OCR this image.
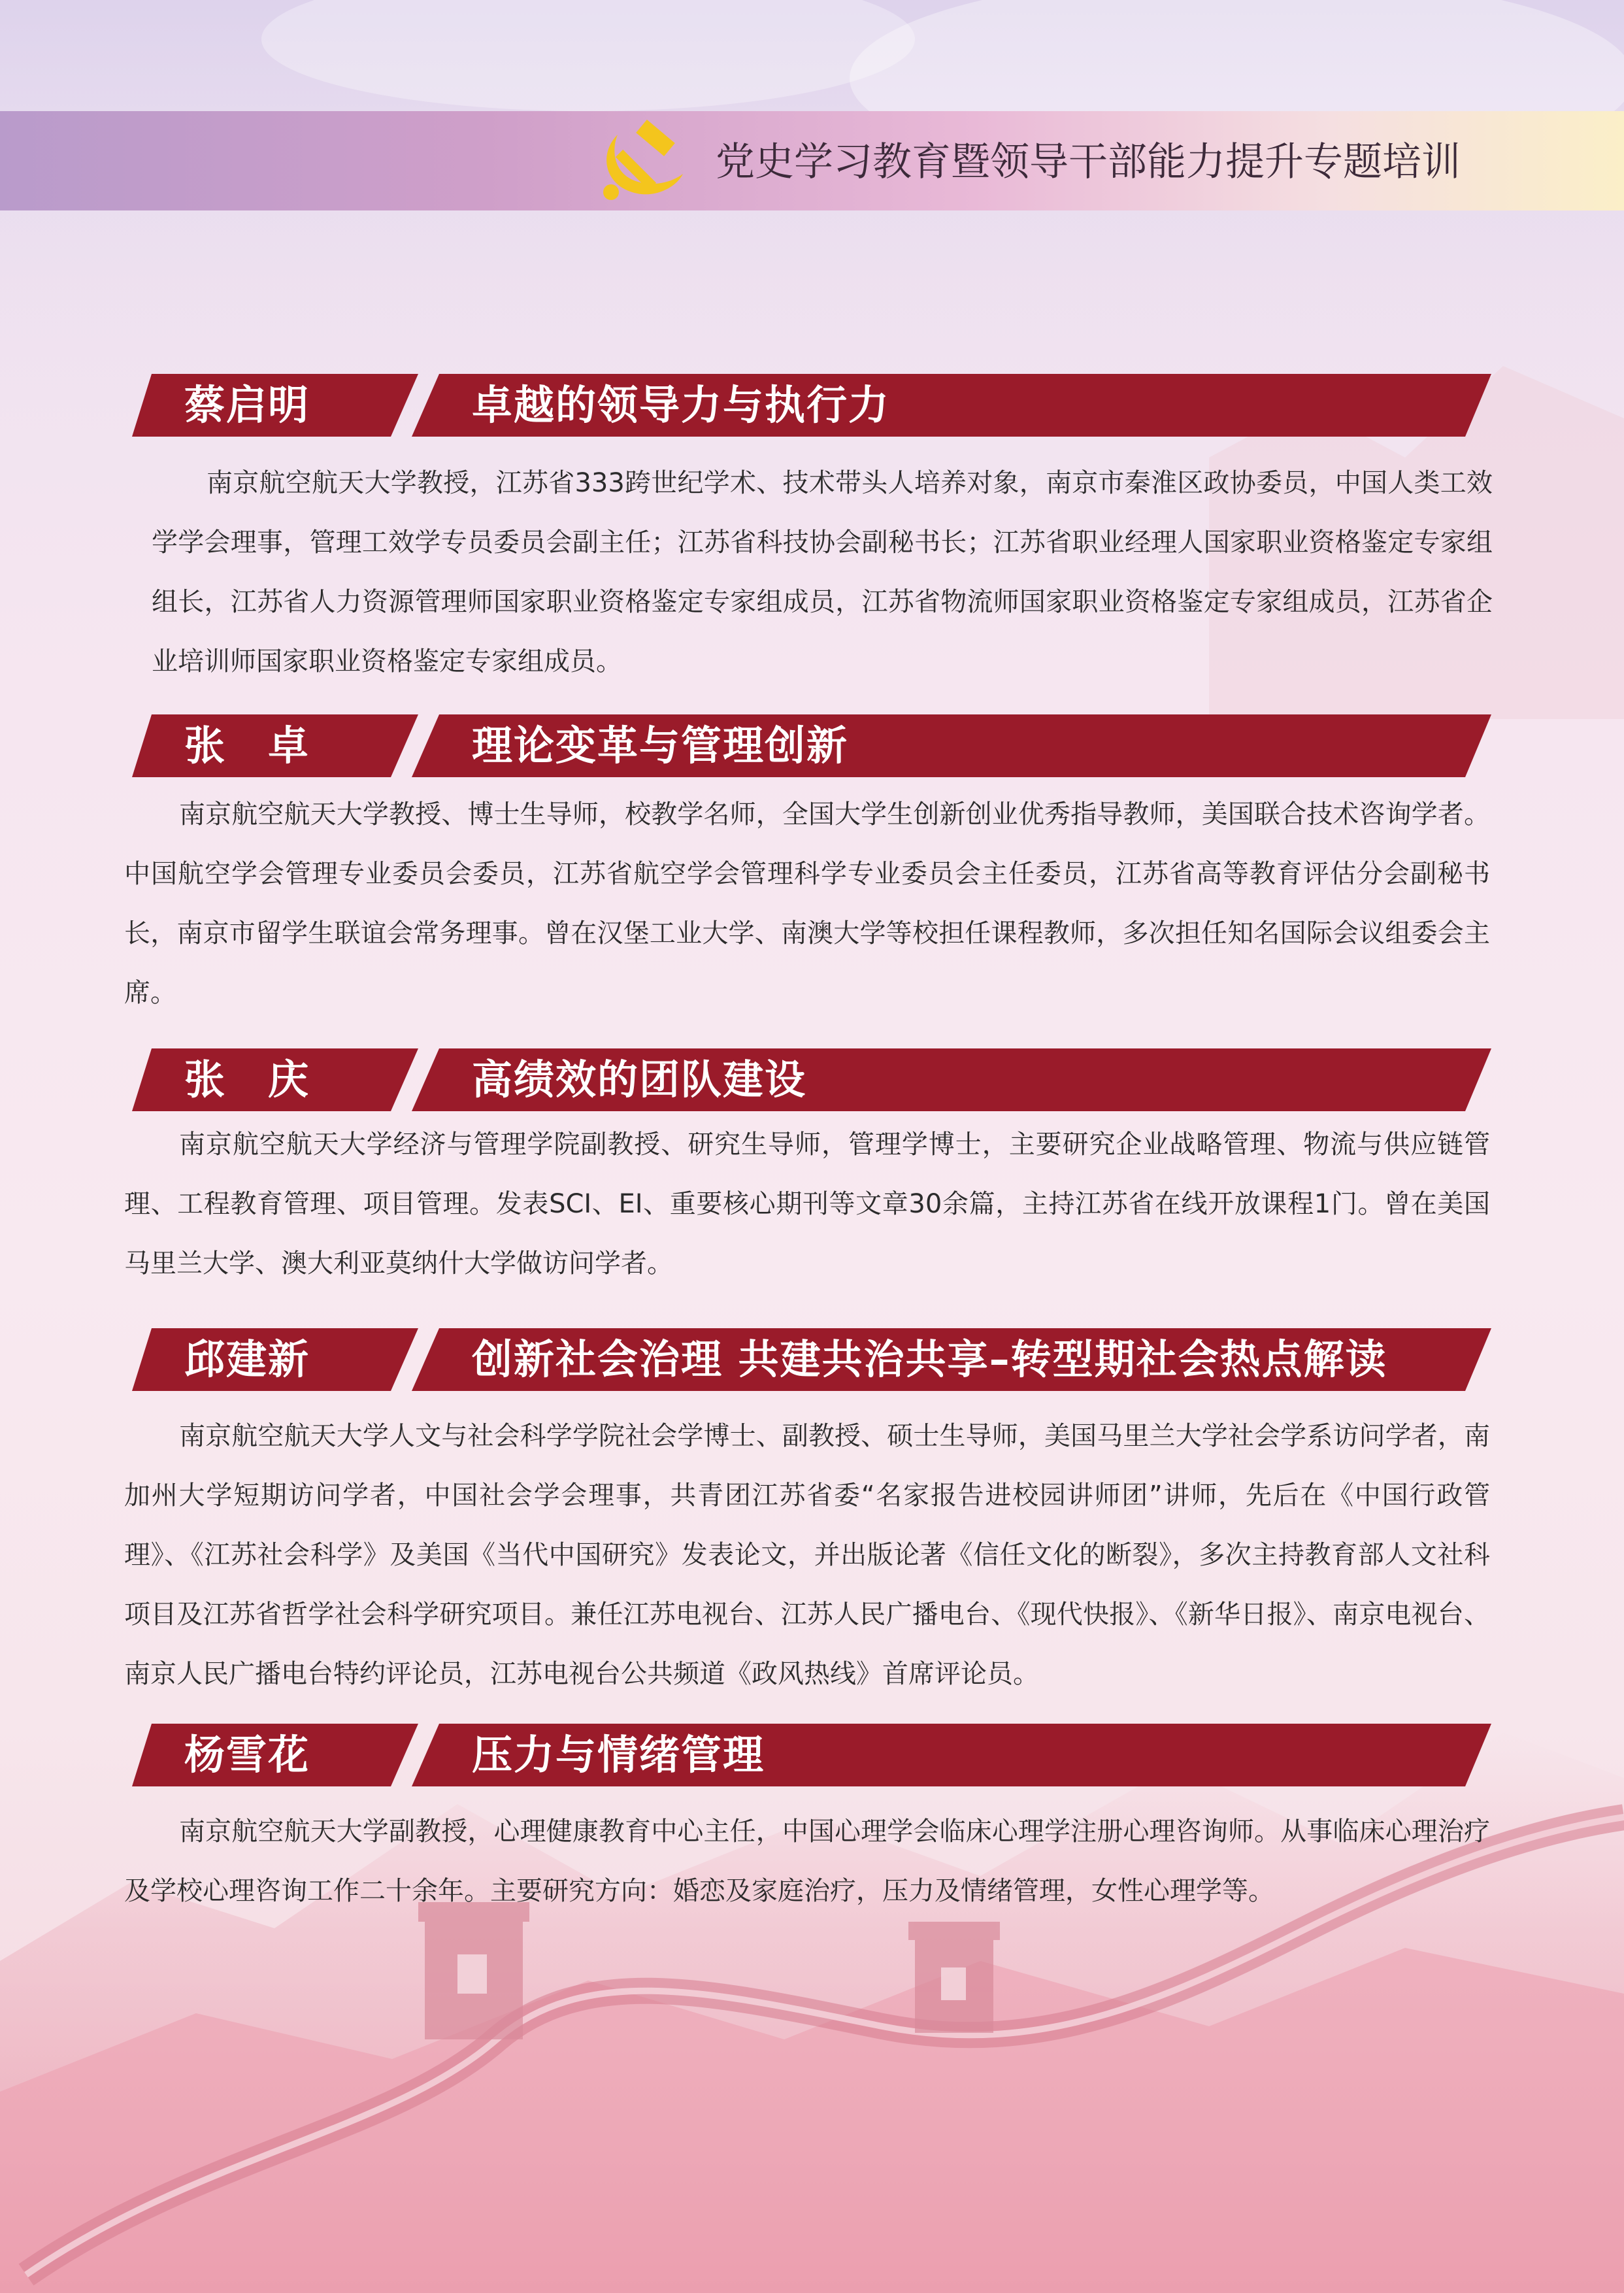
党史学习教育暨领导干部能力提升专题培训
蔡启明	卓越的领导力与执行力

南京航空航天大学教授，江苏省333跨世纪学术、技术带头人培养对象，南京市秦淮区政协委员，中国人类工效学学会理事，管理工效学专员委员会副主任；江苏省科技协会副秘书长；江苏省职业经理人国家职业资格鉴定专家组组长，江苏省人力资源管理师国家职业资格鉴定专家组成员，江苏省物流师国家职业资格鉴定专家组成员，江苏省企业培训师国家职业资格鉴定专家组成员。

张　卓	理论变革与管理创新

南京航空航天大学教授、博士生导师，校教学名师，全国大学生创新创业优秀指导教师，美国联合技术咨询学者。中国航空学会管理专业委员会委员，江苏省航空学会管理科学专业委员会主任委员，江苏省高等教育评估分会副秘书长，南京市留学生联谊会常务理事。曾在汉堡工业大学、南澳大学等校担任课程教师，多次担任知名国际会议组委会主席。

张　庆	高绩效的团队建设

南京航空航天大学经济与管理学院副教授、研究生导师，管理学博士，主要研究企业战略管理、物流与供应链管理、工程教育管理、项目管理。发表SCI、EI、重要核心期刊等文章30余篇，主持江苏省在线开放课程1门。曾在美国马里兰大学、澳大利亚莫纳什大学做访问学者。

邱建新	创新社会治理 共建共治共享–转型期社会热点解读

南京航空航天大学人文与社会科学学院社会学博士、副教授、硕士生导师，美国马里兰大学社会学系访问学者，南加州大学短期访问学者，中国社会学会理事，共青团江苏省委“名家报告进校园讲师团”讲师，先后在《中国行政管理》、《江苏社会科学》及美国《当代中国研究》发表论文，并出版论著《信任文化的断裂》，多次主持教育部人文社科项目及江苏省哲学社会科学研究项目。兼任江苏电视台、江苏人民广播电台、《现代快报》、《新华日报》、南京电视台、南京人民广播电台特约评论员，江苏电视台公共频道《政风热线》首席评论员。

杨雪花	压力与情绪管理

南京航空航天大学副教授，心理健康教育中心主任，中国心理学会临床心理学注册心理咨询师。从事临床心理治疗及学校心理咨询工作二十余年。主要研究方向：婚恋及家庭治疗，压力及情绪管理，女性心理学等。
